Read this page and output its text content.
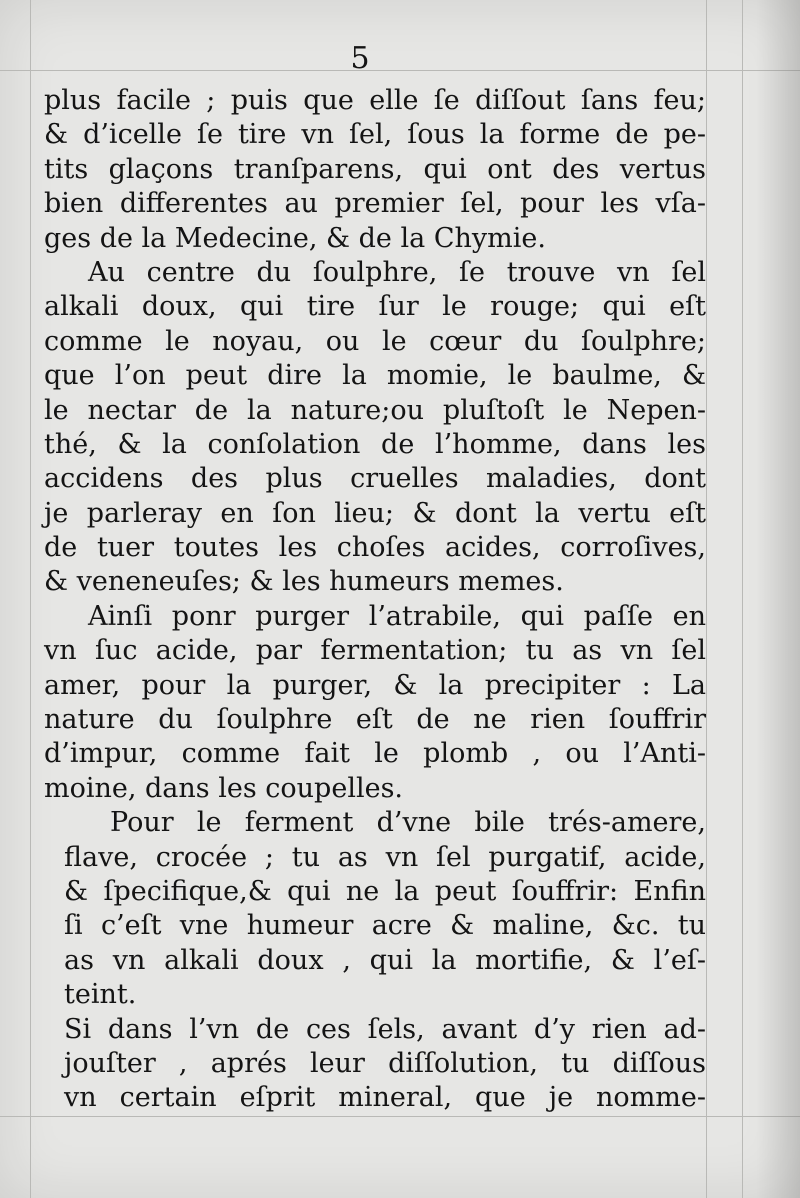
5
plus facile ; puis que elle ſe diſſout ſans feu;
& d’icelle ſe tire vn ſel, ſous la forme de pe-
tits glaçons tranſparens, qui ont des vertus
bien differentes au premier ſel, pour les vſa-
ges de la Medecine, & de la Chymie.
Au centre du ſoulphre, ſe trouve vn ſel
alkali doux, qui tire ſur le rouge; qui eſt
comme le noyau, ou le cœur du ſoulphre;
que l’on peut dire la momie, le baulme, &
le nectar de la nature;ou pluſtoſt le Nepen-
thé, & la conſolation de l’homme, dans les
accidens des plus cruelles maladies, dont
je parleray en ſon lieu; & dont la vertu eſt
de tuer toutes les choſes acides, corroſives,
& veneneuſes; & les humeurs memes.
Ainſi ponr purger l’atrabile, qui paſſe en
vn ſuc acide, par fermentation; tu as vn ſel
amer, pour la purger, & la precipiter : La
nature du ſoulphre eſt de ne rien ſouffrir
d’impur, comme fait le plomb , ou l’Anti-
moine, dans les coupelles.
Pour le ferment d’vne bile trés-amere,
flave, crocée ; tu as vn ſel purgatif, acide,
& ſpecifique,& qui ne la peut ſouffrir: Enfin
ſi c’eſt vne humeur acre & maline, &c. tu
as vn alkali doux , qui la mortifie, & l’eſ-
teint.
Si dans l’vn de ces ſels, avant d’y rien ad-
jouſter , aprés leur diſſolution, tu diſſous
vn certain eſprit mineral, que je nomme-
